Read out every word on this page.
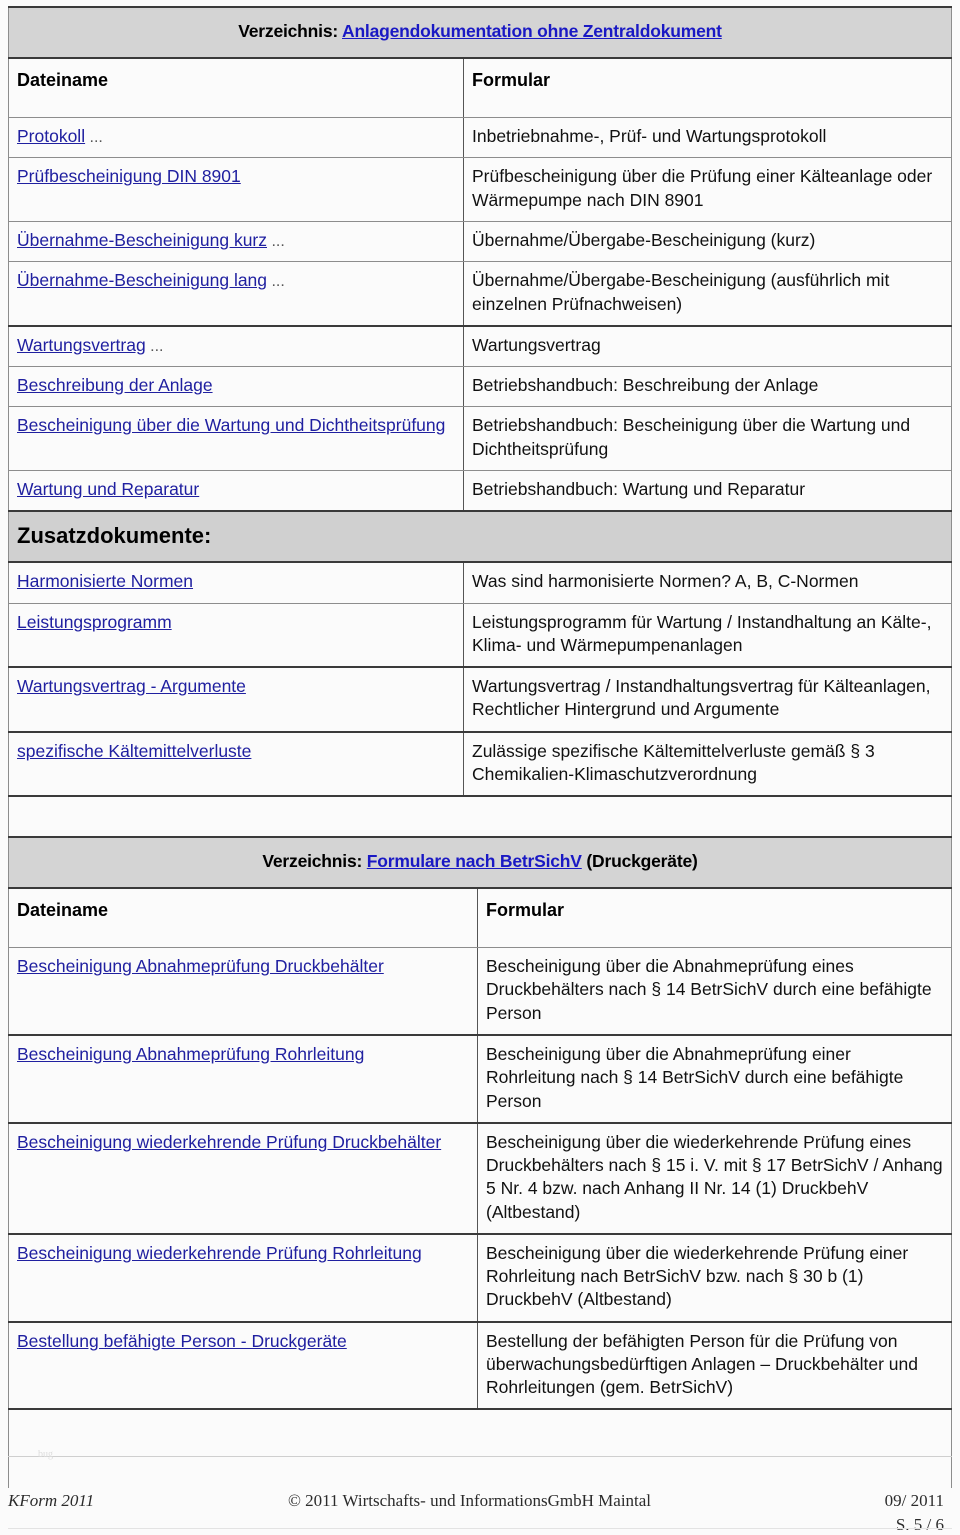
Verzeichnis: Anlagendokumentation ohne Zentraldokument	
Dateiname	Formular
Protokoll ...	Inbetriebnahme-, Prüf- und Wartungsprotokoll
Prüfbescheinigung DIN 8901	Prüfbescheinigung über die Prüfung einer Kälteanlage oder Wärmepumpe nach DIN 8901
Übernahme-Bescheinigung kurz ...	Übernahme/Übergabe-Bescheinigung (kurz)
Übernahme-Bescheinigung lang ...	Übernahme/Übergabe-Bescheinigung (ausführlich mit einzelnen Prüfnachweisen)
Wartungsvertrag ...	Wartungsvertrag
Beschreibung der Anlage	Betriebshandbuch: Beschreibung der Anlage
Bescheinigung über die Wartung und Dichtheitsprüfung	Betriebshandbuch: Bescheinigung über die Wartung und Dichtheitsprüfung
Wartung und Reparatur	Betriebshandbuch: Wartung und Reparatur
Zusatzdokumente:	
Harmonisierte Normen	Was sind harmonisierte Normen? A, B, C-Normen
Leistungsprogramm	Leistungsprogramm für Wartung / Instandhaltung an Kälte-, Klima- und Wärmepumpenanlagen
Wartungsvertrag - Argumente	Wartungsvertrag / Instandhaltungsvertrag für Kälteanlagen, Rechtlicher Hintergrund und Argumente
spezifische Kältemittelverluste	Zulässige spezifische Kältemittelverluste gemäß § 3 Chemikalien-Klimaschutzverordnung

Verzeichnis: Formulare nach BetrSichV (Druckgeräte)	
Dateiname	Formular
Bescheinigung Abnahmeprüfung Druckbehälter	Bescheinigung über die Abnahmeprüfung eines Druckbehälters nach § 14 BetrSichV durch eine befähigte Person
Bescheinigung Abnahmeprüfung Rohrleitung	Bescheinigung über die Abnahmeprüfung einer Rohrleitung nach § 14 BetrSichV durch eine befähigte Person
Bescheinigung wiederkehrende Prüfung Druckbehälter	Bescheinigung über die wiederkehrende Prüfung eines Druckbehälters nach § 15 i. V. mit § 17 BetrSichV / Anhang 5 Nr. 4 bzw. nach Anhang II Nr. 14 (1) DruckbehV (Altbestand)
Bescheinigung wiederkehrende Prüfung Rohrleitung	Bescheinigung über die wiederkehrende Prüfung einer Rohrleitung nach BetrSichV bzw. nach § 30 b (1) DruckbehV (Altbestand)
Bestellung befähigte Person - Druckgeräte	Bestellung der befähigten Person für die Prüfung von überwachungsbedürftigen Anlagen – Druckbehälter und Rohrleitungen (gem. BetrSichV)

bug
KForm 2011	© 2011 Wirtschafts- und InformationsGmbH Maintal	09/ 2011
S. 5 / 6
